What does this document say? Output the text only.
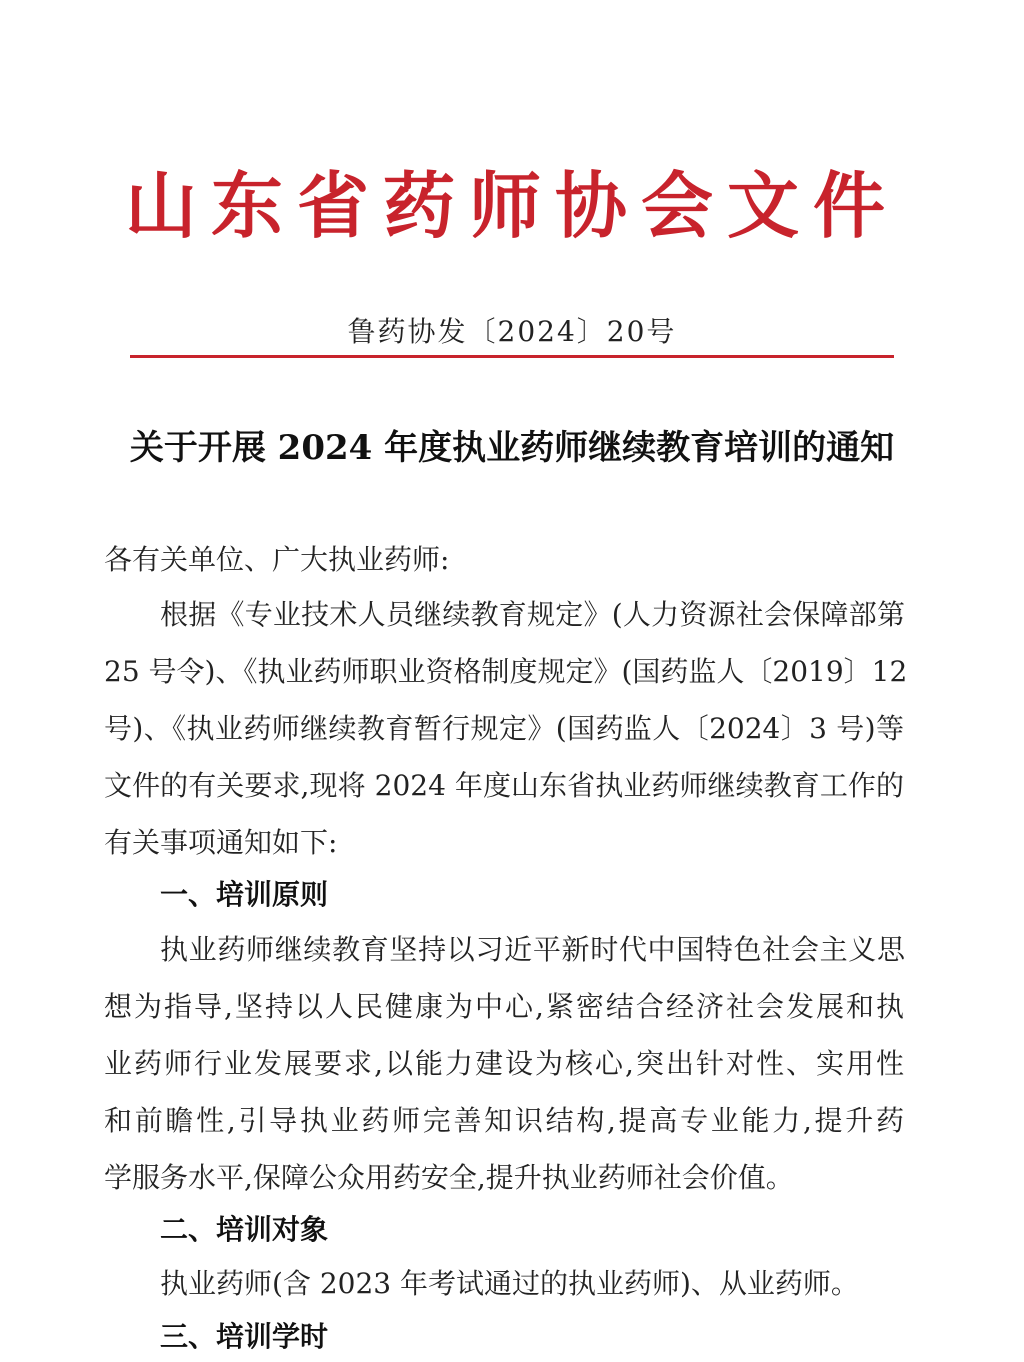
山东省药师协会文件
鲁药协发〔2024〕20号
关于开展 2024 年度执业药师继续教育培训的通知
各有关单位、广大执业药师:
根据《专业技术人员继续教育规定》(人力资源社会保障部第
25 号令)、《执业药师职业资格制度规定》(国药监人〔2019〕12
号)、《执业药师继续教育暂行规定》(国药监人〔2024〕3 号)等
文件的有关要求,现将 2024 年度山东省执业药师继续教育工作的
有关事项通知如下:
一、培训原则
执业药师继续教育坚持以习近平新时代中国特色社会主义思
想为指导,坚持以人民健康为中心,紧密结合经济社会发展和执
业药师行业发展要求,以能力建设为核心,突出针对性、实用性
和前瞻性,引导执业药师完善知识结构,提高专业能力,提升药
学服务水平,保障公众用药安全,提升执业药师社会价值。
二、培训对象
执业药师(含 2023 年考试通过的执业药师)、从业药师。
三、培训学时
